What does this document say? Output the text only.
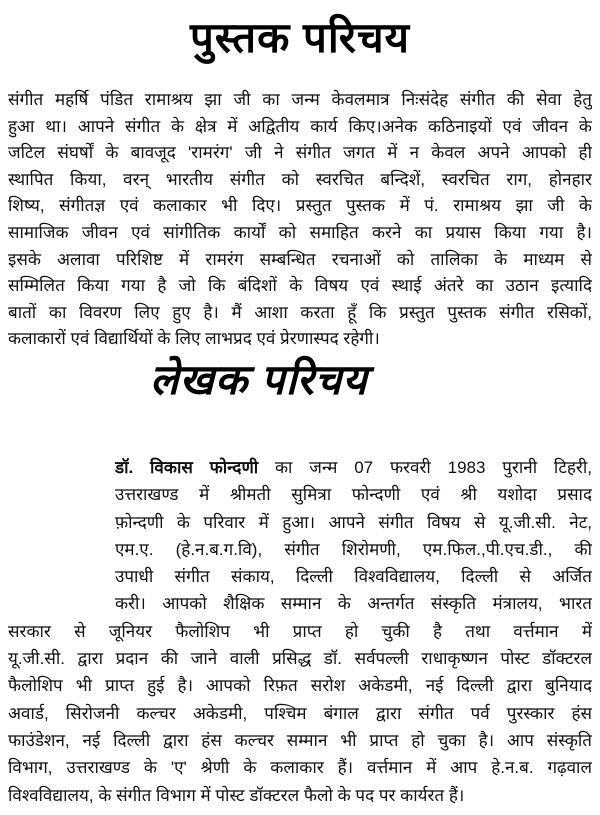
पुस्तक परिचय
संगीत महर्षि पंडित रामाश्रय झा जी का जन्म केवलमात्र निःसंदेह संगीत की सेवा हेतु
हुआ था। आपने संगीत के क्षेत्र में अद्वितीय कार्य किए।अनेक कठिनाइयों एवं जीवन के
जटिल संघर्षों के बावजूद 'रामरंग' जी ने संगीत जगत में न केवल अपने आपको ही
स्थापित किया, वरन् भारतीय संगीत को स्वरचित बन्दिशें, स्वरचित राग, होनहार
शिष्य, संगीतज्ञ एवं कलाकार भी दिए। प्रस्तुत पुस्तक में पं. रामाश्रय झा जी के
सामाजिक जीवन एवं सांगीतिक कार्यों को समाहित करने का प्रयास किया गया है।
इसके अलावा परिशिष्ट में रामरंग सम्बन्धित रचनाओं को तालिका के माध्यम से
सम्मिलित किया गया है जो कि बंदिशों के विषय एवं स्थाई अंतरे का उठान इत्यादि
बातों का विवरण लिए हुए है। मैं आशा करता हूँ कि प्रस्तुत पुस्तक संगीत रसिकों,
कलाकारों एवं विद्यार्थियों के लिए लाभप्रद एवं प्रेरणास्पद रहेगी।
लेखक परिचय
डॉ. विकास फोन्दणी का जन्म 07 फरवरी 1983 पुरानी टिहरी,
उत्तराखण्ड में श्रीमती सुमित्रा फोन्दणी एवं श्री यशोदा प्रसाद
फ़ोन्दणी के परिवार में हुआ। आपने संगीत विषय से यू.जी.सी. नेट,
एम.ए. (हे.न.ब.ग.वि), संगीत शिरोमणी, एम.फिल.,पी.एच.डी., की
उपाधी संगीत संकाय, दिल्ली विश्वविद्यालय, दिल्ली से अर्जित
करी। आपको शैक्षिक सम्मान के अन्तर्गत संस्कृति मंत्रालय, भारत
सरकार से जूनियर फैलोशिप भी प्राप्त हो चुकी है तथा वर्त्तमान में
यू.जी.सी. द्वारा प्रदान की जाने वाली प्रसिद्ध डॉ. सर्वपल्ली राधाकृष्णन पोस्ट डॉक्टरल
फैलोशिप भी प्राप्त हुई है। आपको रिफ़त सरोश अकेडमी, नई दिल्ली द्वारा बुनियाद
अवार्ड, सिरोजनी कल्चर अकेडमी, पश्चिम बंगाल द्वारा संगीत पर्व पुरस्कार हंस
फाउंडेशन, नई दिल्ली द्वारा हंस कल्चर सम्मान भी प्राप्त हो चुका है। आप संस्कृति
विभाग, उत्तराखण्ड के 'ए' श्रेणी के कलाकार हैं। वर्त्तमान में आप हे.न.ब. गढ़वाल
विश्वविद्यालय, के संगीत विभाग में पोस्ट डॉक्टरल फैलो के पद पर कार्यरत हैं।
